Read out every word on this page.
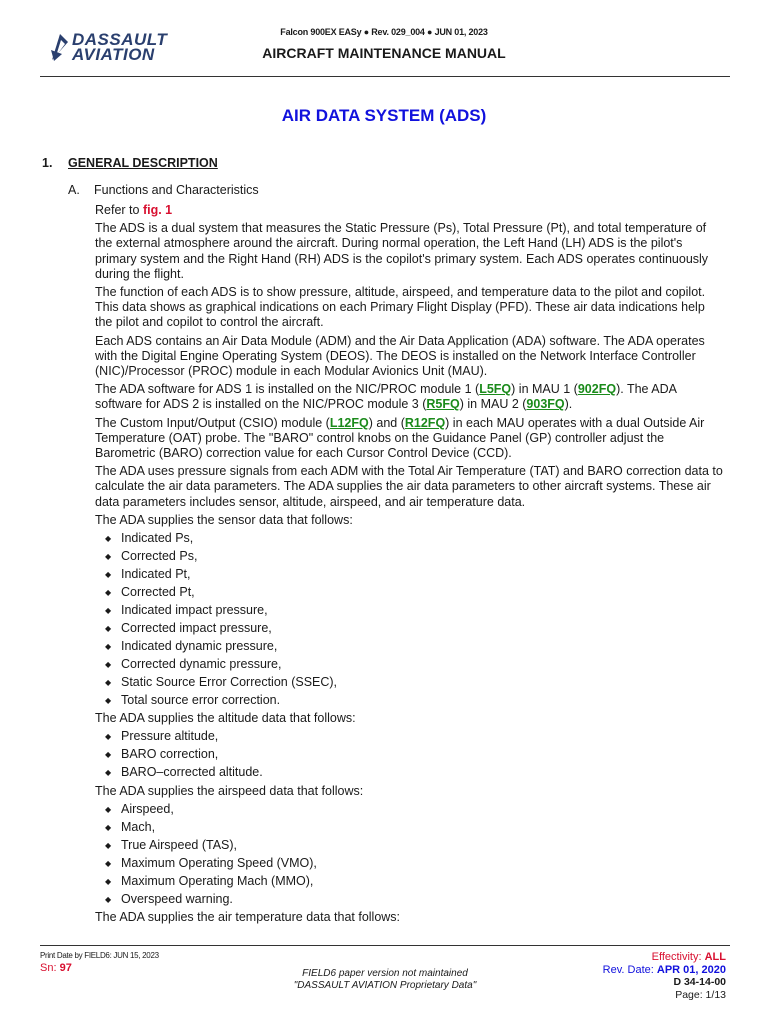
DASSAULT
AVIATION
Falcon 900EX EASy ● Rev. 029_004 ● JUN 01, 2023
AIRCRAFT MAINTENANCE MANUAL
AIR DATA SYSTEM (ADS)
1. GENERAL DESCRIPTION
A. Functions and Characteristics

Refer to fig. 1

The ADS is a dual system that measures the Static Pressure (Ps), Total Pressure (Pt), and total temperature of the external atmosphere around the aircraft. During normal operation, the Left Hand (LH) ADS is the pilot's primary system and the Right Hand (RH) ADS is the copilot's primary system. Each ADS operates continuously during the flight.

The function of each ADS is to show pressure, altitude, airspeed, and temperature data to the pilot and copilot. This data shows as graphical indications on each Primary Flight Display (PFD). These air data indications help the pilot and copilot to control the aircraft.

Each ADS contains an Air Data Module (ADM) and the Air Data Application (ADA) software. The ADA operates with the Digital Engine Operating System (DEOS). The DEOS is installed on the Network Interface Controller (NIC)/Processor (PROC) module in each Modular Avionics Unit (MAU).

The ADA software for ADS 1 is installed on the NIC/PROC module 1 (L5FQ) in MAU 1 (902FQ). The ADA software for ADS 2 is installed on the NIC/PROC module 3 (R5FQ) in MAU 2 (903FQ).

The Custom Input/Output (CSIO) module (L12FQ) and (R12FQ) in each MAU operates with a dual Outside Air Temperature (OAT) probe. The "BARO" control knobs on the Guidance Panel (GP) controller adjust the Barometric (BARO) correction value for each Cursor Control Device (CCD).

The ADA uses pressure signals from each ADM with the Total Air Temperature (TAT) and BARO correction data to calculate the air data parameters. The ADA supplies the air data parameters to other aircraft systems. These air data parameters includes sensor, altitude, airspeed, and air temperature data.

The ADA supplies the sensor data that follows:

◆ Indicated Ps,
◆ Corrected Ps,
◆ Indicated Pt,
◆ Corrected Pt,
◆ Indicated impact pressure,
◆ Corrected impact pressure,
◆ Indicated dynamic pressure,
◆ Corrected dynamic pressure,
◆ Static Source Error Correction (SSEC),
◆ Total source error correction.

The ADA supplies the altitude data that follows:

◆ Pressure altitude,
◆ BARO correction,
◆ BARO–corrected altitude.

The ADA supplies the airspeed data that follows:

◆ Airspeed,
◆ Mach,
◆ True Airspeed (TAS),
◆ Maximum Operating Speed (VMO),
◆ Maximum Operating Mach (MMO),
◆ Overspeed warning.

The ADA supplies the air temperature data that follows:

Print Date by FIELD6: JUN 15, 2023
Sn: 97	FIELD6 paper version not maintained
"DASSAULT AVIATION Proprietary Data"
Effectivity: ALL
Rev. Date: APR 01, 2020
D 34-14-00
Page: 1/13
